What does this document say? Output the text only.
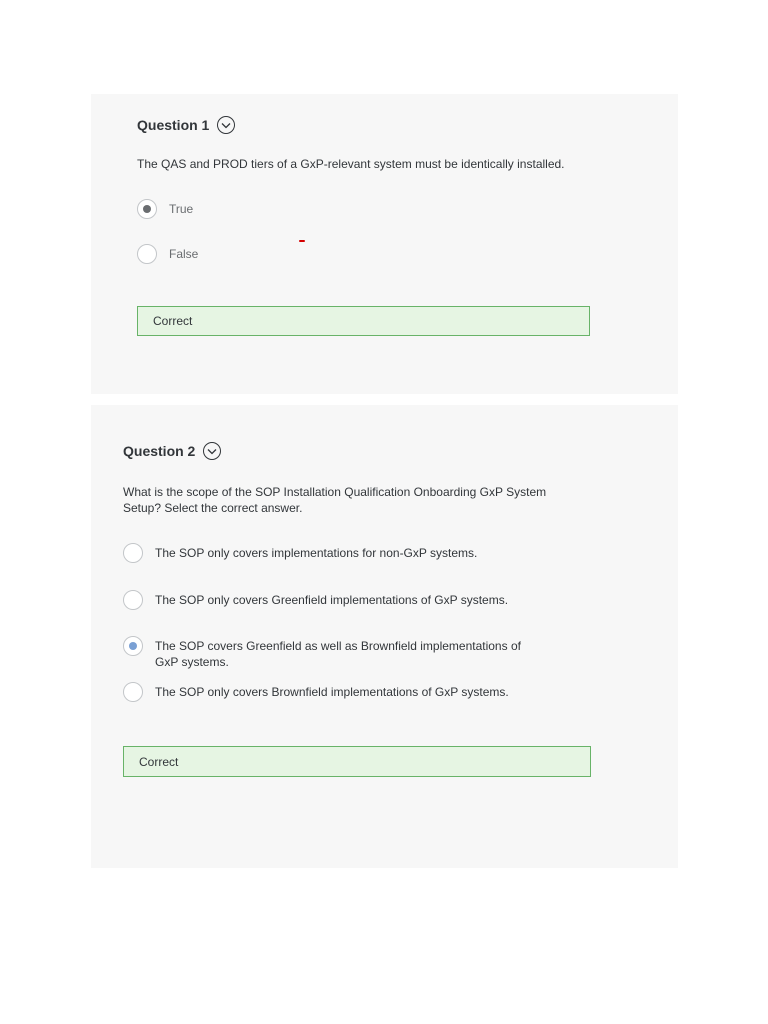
Question 1
The QAS and PROD tiers of a GxP-relevant system must be identically installed.
True
False
Correct
Question 2
What is the scope of the SOP Installation Qualification Onboarding GxP System
Setup? Select the correct answer.
The SOP only covers implementations for non-GxP systems.
The SOP only covers Greenfield implementations of GxP systems.
The SOP covers Greenfield as well as Brownfield implementations of
GxP systems.
The SOP only covers Brownfield implementations of GxP systems.
Correct
